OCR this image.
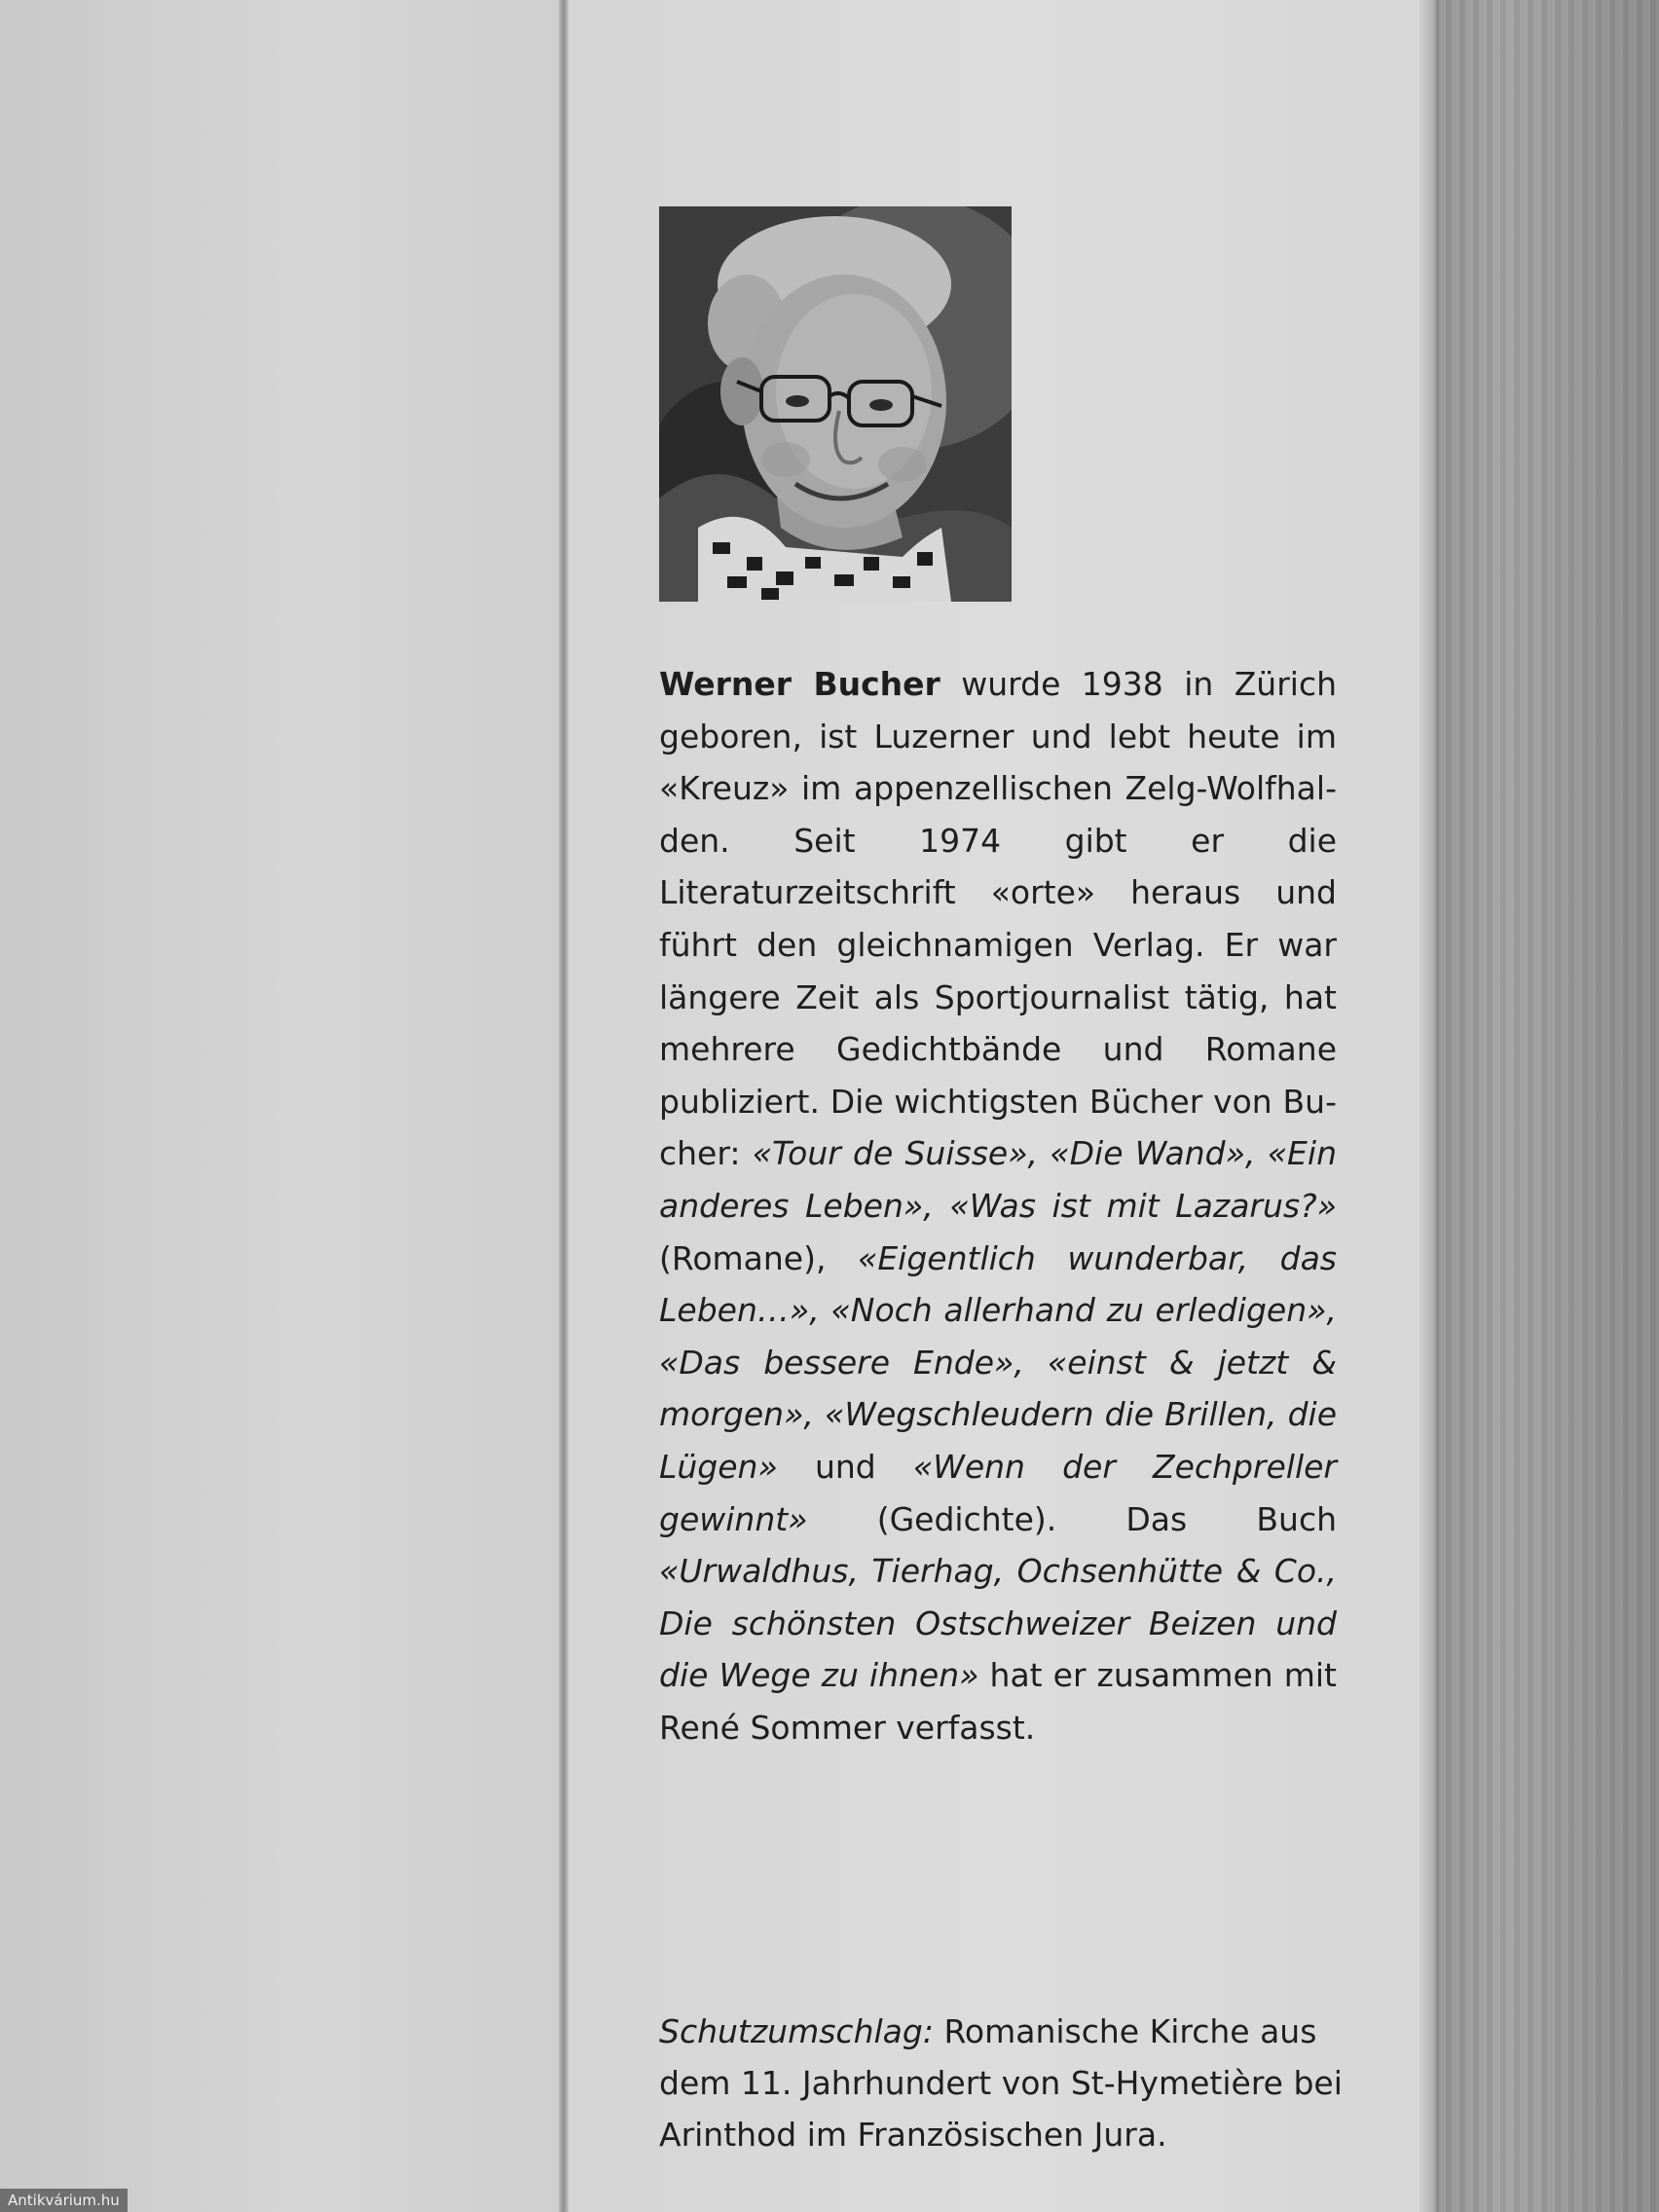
Werner Bucher wurde 1938 in Zürich geboren, ist Luzerner und lebt heute im «Kreuz» im appenzellischen Zelg-Wolfhalden. Seit 1974 gibt er die Literaturzeitschrift «orte» heraus und führt den gleichnamigen Verlag. Er war längere Zeit als Sportjournalist tätig, hat mehrere Gedichtbände und Romane publiziert. Die wichtigsten Bücher von Bucher: «Tour de Suisse», «Die Wand», «Ein anderes Leben», «Was ist mit Lazarus?» (Romane), «Eigentlich wunderbar, das Leben…», «Noch allerhand zu erledigen», «Das bessere Ende», «einst & jetzt & morgen», «Wegschleudern die Brillen, die Lügen» und «Wenn der Zechpreller gewinnt» (Gedichte). Das Buch «Urwaldhus, Tierhag, Ochsenhütte & Co., Die schönsten Ostschweizer Beizen und die Wege zu ihnen» hat er zusammen mit René Sommer verfasst.
Schutzumschlag: Romanische Kirche aus dem 11. Jahrhundert von St-Hymetière bei Arinthod im Französischen Jura.
Antikvárium.hu
